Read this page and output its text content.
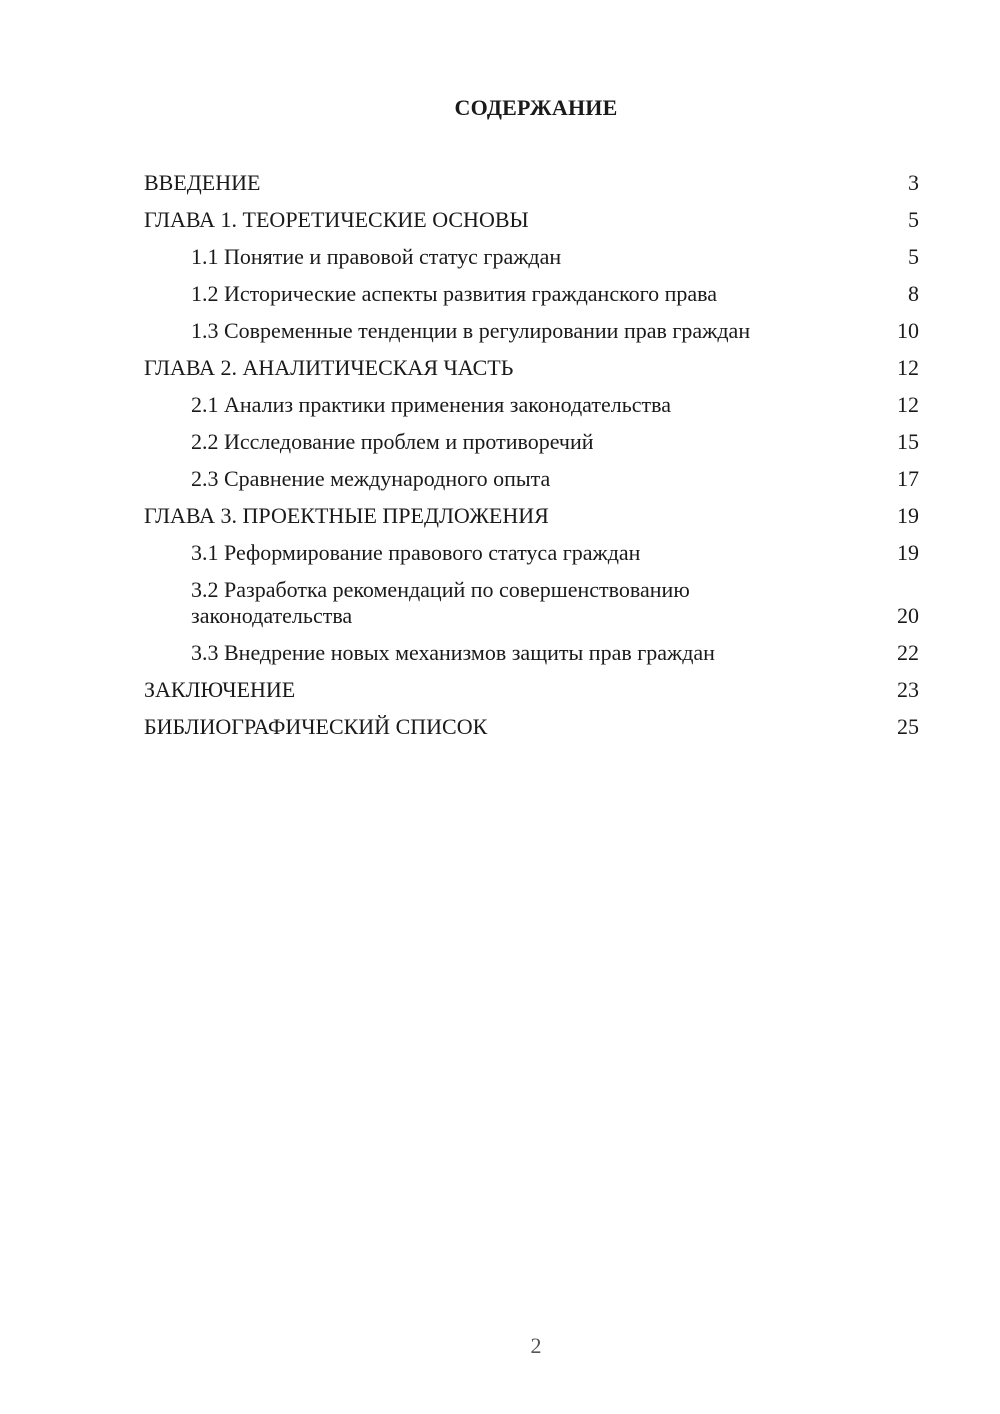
СОДЕРЖАНИЕ
ВВЕДЕНИЕ	3
ГЛАВА 1. ТЕОРЕТИЧЕСКИЕ ОСНОВЫ	5
1.1 Понятие и правовой статус граждан	5
1.2 Исторические аспекты развития гражданского права	8
1.3 Современные тенденции в регулировании прав граждан	10
ГЛАВА 2. АНАЛИТИЧЕСКАЯ ЧАСТЬ	12
2.1 Анализ практики применения законодательства	12
2.2 Исследование проблем и противоречий	15
2.3 Сравнение международного опыта	17
ГЛАВА 3. ПРОЕКТНЫЕ ПРЕДЛОЖЕНИЯ	19
3.1 Реформирование правового статуса граждан	19
3.2 Разработка рекомендаций по совершенствованию законодательства	20
3.3 Внедрение новых механизмов защиты прав граждан	22
ЗАКЛЮЧЕНИЕ	23
БИБЛИОГРАФИЧЕСКИЙ СПИСОК	25
2
